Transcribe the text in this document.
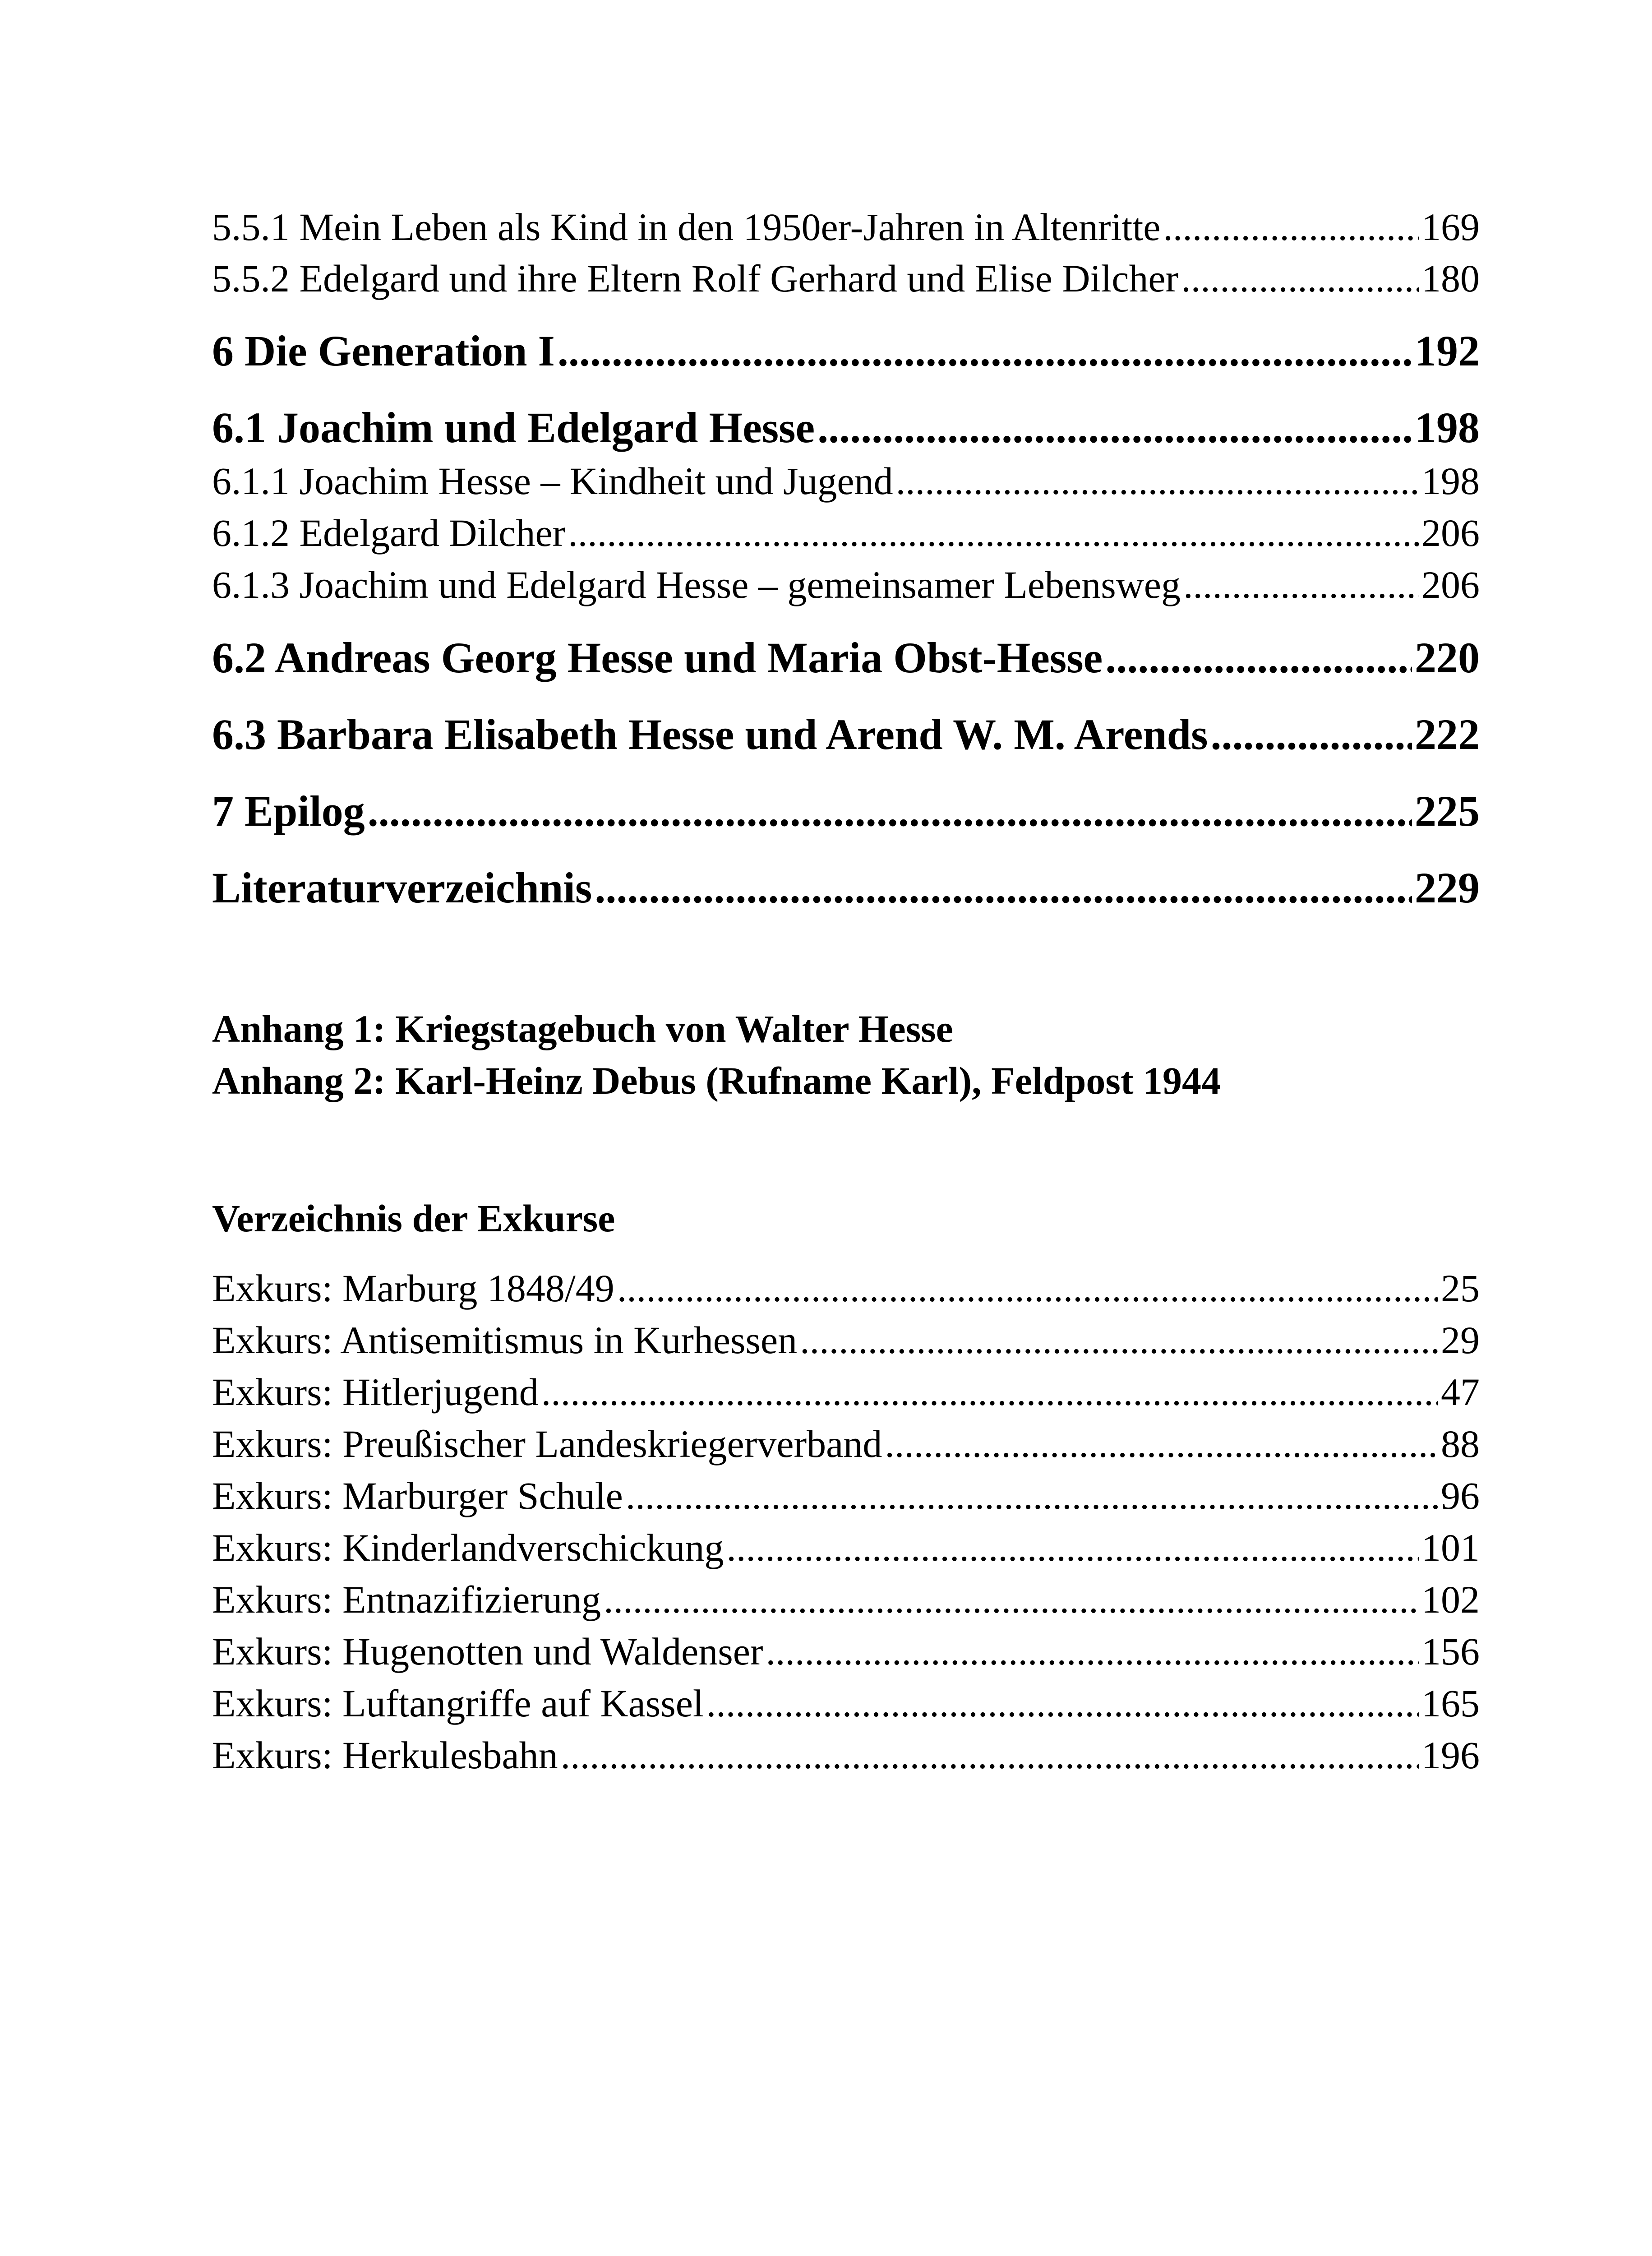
5.5.1 Mein Leben als Kind in den 1950er-Jahren in Altenritte .....	169
5.5.2 Edelgard und ihre Eltern Rolf Gerhard und Elise Dilcher .....	180
6 Die Generation I .....	192
6.1 Joachim und Edelgard Hesse .....	198
6.1.1 Joachim Hesse – Kindheit und Jugend .....	198
6.1.2 Edelgard Dilcher .....	206
6.1.3 Joachim und Edelgard Hesse – gemeinsamer Lebensweg .....	206
6.2 Andreas Georg Hesse und Maria Obst-Hesse .....	220
6.3 Barbara Elisabeth Hesse und Arend W. M. Arends .....	222
7 Epilog .....	225
Literaturverzeichnis .....	229
Anhang 1: Kriegstagebuch von Walter Hesse
Anhang 2: Karl-Heinz Debus (Rufname Karl), Feldpost 1944
Verzeichnis der Exkurse
Exkurs: Marburg 1848/49 .....	25
Exkurs: Antisemitismus in Kurhessen .....	29
Exkurs: Hitlerjugend .....	47
Exkurs: Preußischer Landeskriegerverband .....	88
Exkurs: Marburger Schule .....	96
Exkurs: Kinderlandverschickung .....	101
Exkurs: Entnazifizierung .....	102
Exkurs: Hugenotten und Waldenser .....	156
Exkurs: Luftangriffe auf Kassel .....	165
Exkurs: Herkulesbahn .....	196
